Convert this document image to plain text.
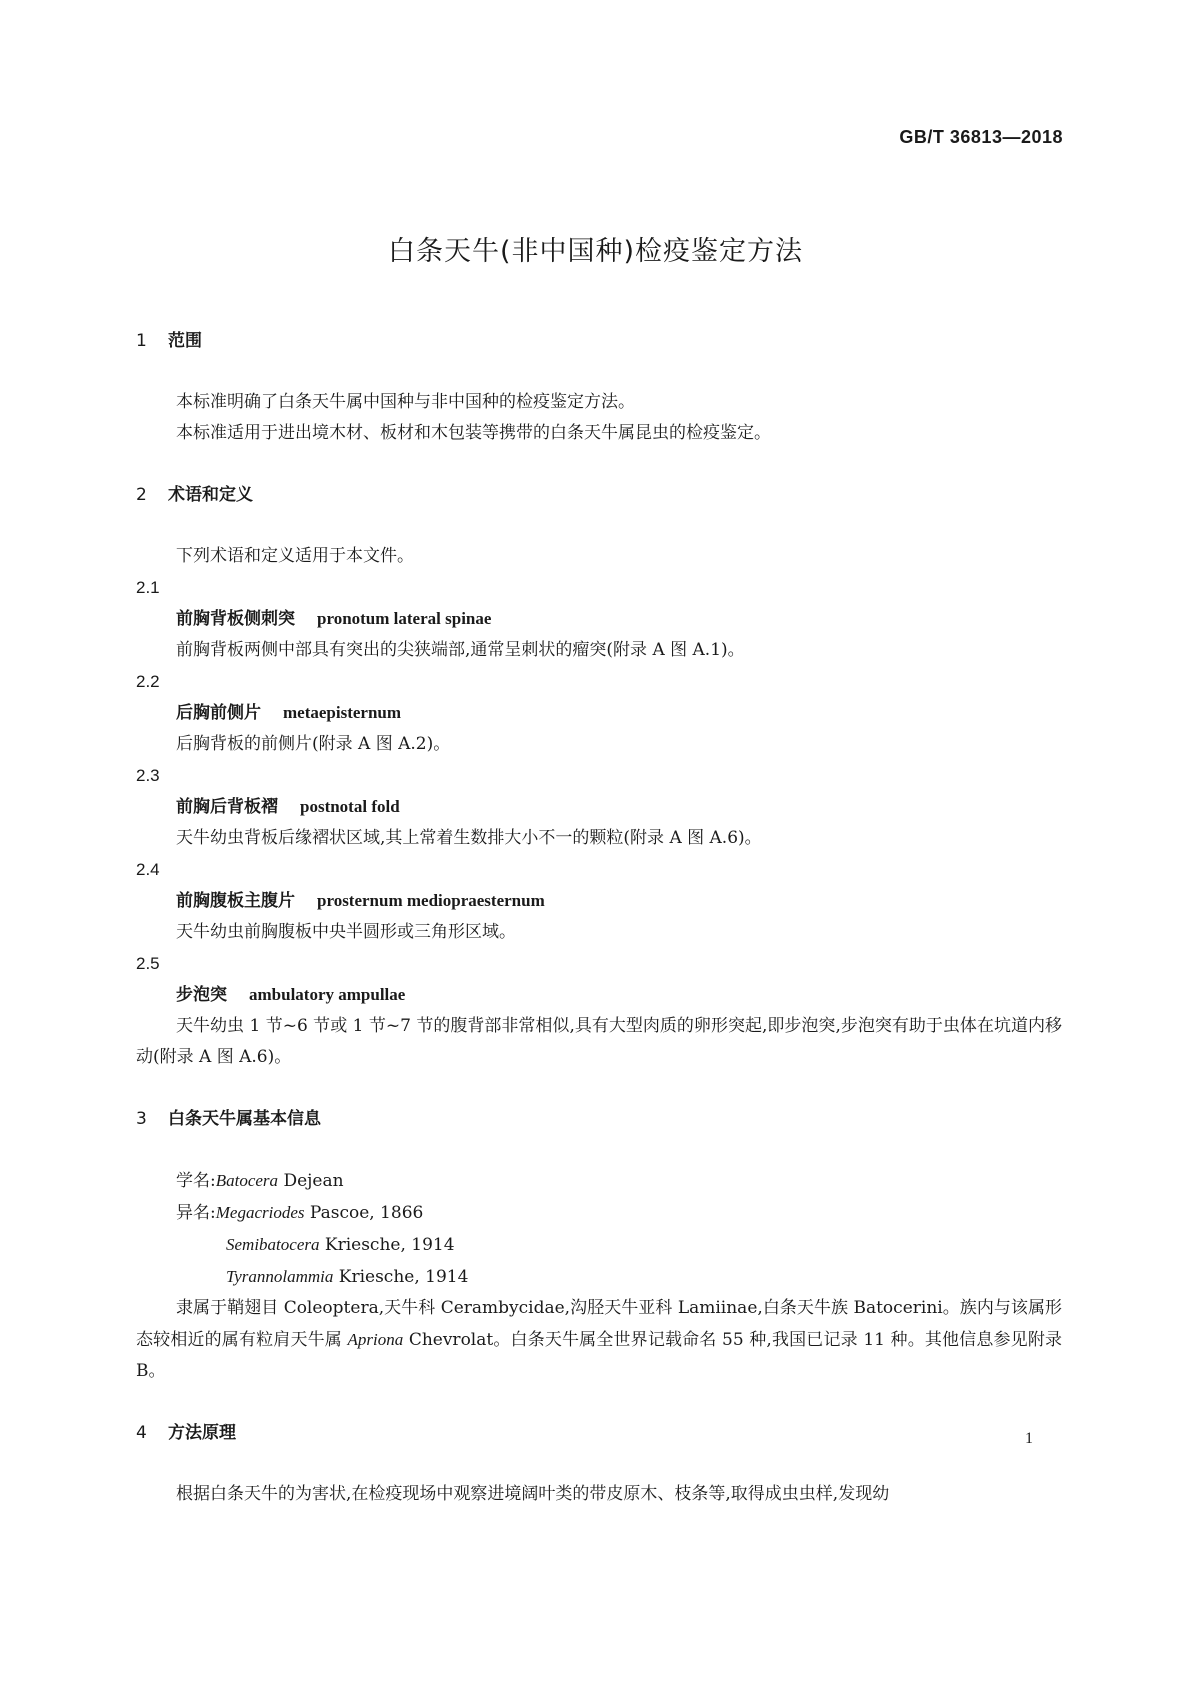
GB/T 36813—2018
白条天牛(非中国种)检疫鉴定方法
1 范围
本标准明确了白条天牛属中国种与非中国种的检疫鉴定方法。
本标准适用于进出境木材、板材和木包装等携带的白条天牛属昆虫的检疫鉴定。
2 术语和定义
下列术语和定义适用于本文件。
2.1
前胸背板侧刺突 pronotum lateral spinae
前胸背板两侧中部具有突出的尖狭端部,通常呈刺状的瘤突(附录 A 图 A.1)。
2.2
后胸前侧片 metaepisternum
后胸背板的前侧片(附录 A 图 A.2)。
2.3
前胸后背板褶 postnotal fold
天牛幼虫背板后缘褶状区域,其上常着生数排大小不一的颗粒(附录 A 图 A.6)。
2.4
前胸腹板主腹片 prosternum mediopraesternum
天牛幼虫前胸腹板中央半圆形或三角形区域。
2.5
步泡突 ambulatory ampullae
天牛幼虫 1 节~6 节或 1 节~7 节的腹背部非常相似,具有大型肉质的卵形突起,即步泡突,步泡突有助于虫体在坑道内移动(附录 A 图 A.6)。
3 白条天牛属基本信息
学名:Batocera Dejean
异名:Megacriodes Pascoe, 1866
Semibatocera Kriesche, 1914
Tyrannolammia Kriesche, 1914
隶属于鞘翅目 Coleoptera,天牛科 Cerambycidae,沟胫天牛亚科 Lamiinae,白条天牛族 Batocerini。族内与该属形态较相近的属有粒肩天牛属 Apriona Chevrolat。白条天牛属全世界记载命名 55 种,我国已记录 11 种。其他信息参见附录 B。
4 方法原理
根据白条天牛的为害状,在检疫现场中观察进境阔叶类的带皮原木、枝条等,取得成虫虫样,发现幼
1
